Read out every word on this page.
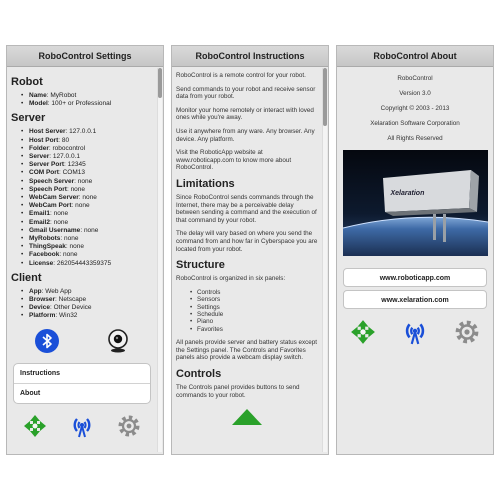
RoboControl Settings
Robot
• Name: MyRobot
• Model: 100+ or Professional
Server
• Host Server: 127.0.0.1
• Host Port: 80
• Folder: robocontrol
• Server: 127.0.0.1
• Server Port: 12345
• COM Port: COM13
• Speech Server: none
• Speech Port: none
• WebCam Server: none
• WebCam Port: none
• Email1: none
• Email2: none
• Gmail Username: none
• MyRobots: none
• ThingSpeak: none
• Facebook: none
• License: 262054443359375
Client
• App: Web App
• Browser: Netscape
• Device: Other Device
• Platform: Win32
Instructions
About
RoboControl Instructions

RoboControl is a remote control for your robot.

Send commands to your robot and receive sensor data from your robot.

Monitor your home remotely or interact with loved ones while you're away.

Use it anywhere from any ware. Any browser. Any device. Any platform.

Visit the RoboticApp website at www.roboticapp.com to know more about RoboControl.

Limitations

Since RoboControl sends commands through the Internet, there may be a perceivable delay between sending a command and the execution of that command by your robot.

The delay will vary based on where you send the command from and how far in Cyberspace you are located from your robot.

Structure

RoboControl is organized in six panels:

• Controls
• Sensors
• Settings
• Schedule
• Piano
• Favorites

All panels provide server and battery status except the Settings panel. The Controls and Favorites panels also provide a webcam display switch.

Controls

The Controls panel provides buttons to send commands to your robot.

RoboControl About

RoboControl

Version 3.0

Copyright © 2003 - 2013

Xelaration Software Corporation

All Rights Reserved

Xelaration
www.roboticapp.com
www.xelaration.com
